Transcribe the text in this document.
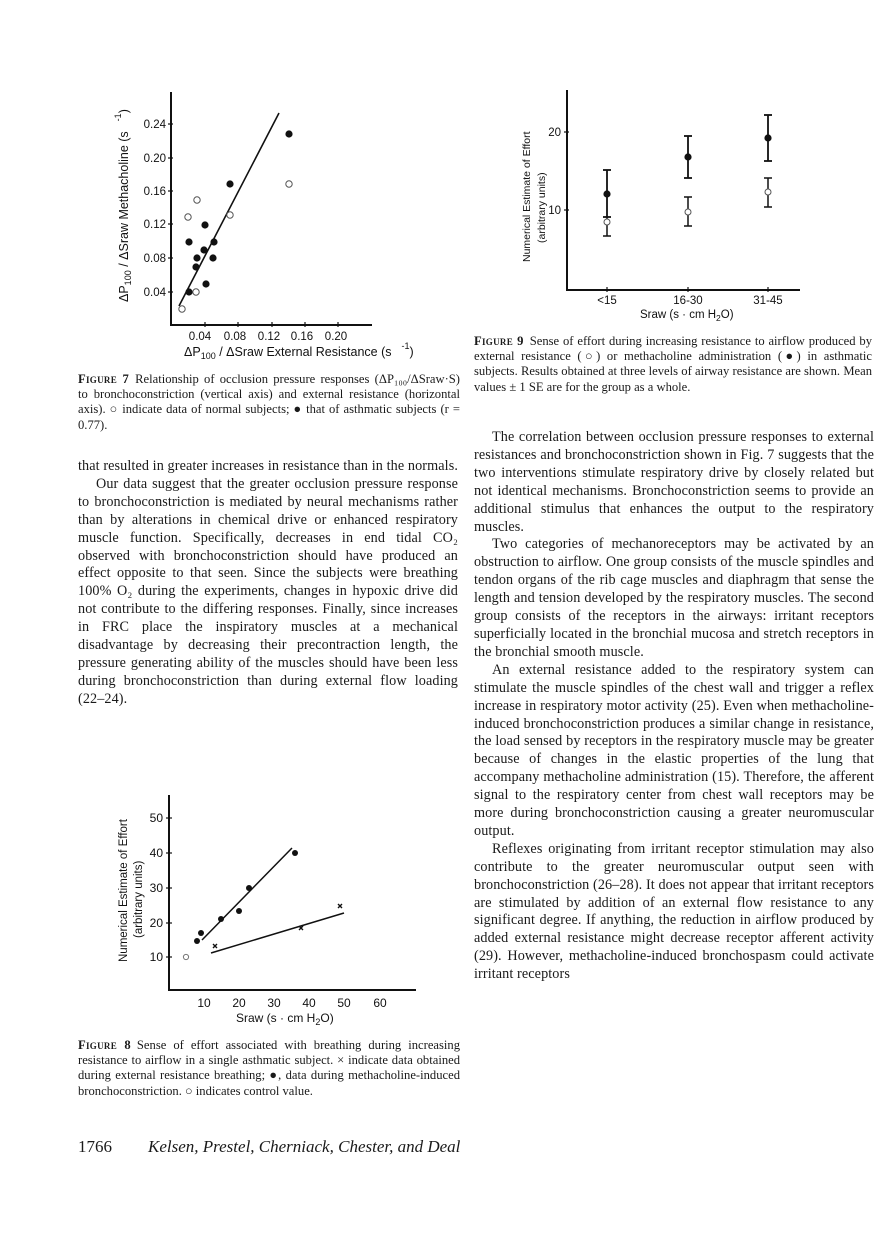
0.24
0.20
0.16
0.12
0.08
0.04
0.04 0.08 0.12 0.16 0.20
$\Delta P_{100}$ / ΔSraw External Resistance (s $^{-1}$)
$\Delta P_{100}$ / ΔSraw Methacholine $(s^{-1})$
Figure 7 Relationship of occlusion pressure responses (ΔP₁₀₀/ΔSraw·S) to bronchoconstriction (vertical axis) and external resistance (horizontal axis). ○ indicate data of normal subjects; ● that of asthmatic subjects (r = 0.77).
20
10
<15	16-30	31-45
Sraw (s · cm $H_2O$)
Numerical Estimate of Effort (arbitrary units)
Figure 9 Sense of effort during increasing resistance to airflow produced by external resistance (○) or methacholine administration (●) in asthmatic subjects. Results obtained at three levels of airway resistance are shown. Mean values ± 1 SE are for the group as a whole.

that resulted in greater increases in resistance than in the normals.

Our data suggest that the greater occlusion pressure response to bronchoconstriction is mediated by neural mechanisms rather than by alterations in chemical drive or enhanced respiratory muscle function. Specifically, decreases in end tidal CO₂ observed with bronchoconstriction should have produced an effect opposite to that seen. Since the subjects were breathing 100% O₂ during the experiments, changes in hypoxic drive did not contribute to the differing responses. Finally, since increases in FRC place the inspiratory muscles at a mechanical disadvantage by decreasing their precontraction length, the pressure generating ability of the muscles should have been less during bronchoconstriction than during external flow loading (22–24).

50
40
30
20
10
10 20 30 40 50 60
Sraw (s · cm $H_2O$)
Numerical Estimate of Effort (arbitrary units)
Figure 8 Sense of effort associated with breathing during increasing resistance to airflow in a single asthmatic subject. × indicate data obtained during external resistance breathing; ●, data during methacholine-induced bronchoconstriction. ○ indicates control value.

The correlation between occlusion pressure responses to external resistances and bronchoconstriction shown in Fig. 7 suggests that the two interventions stimulate respiratory drive by closely related but not identical mechanisms. Bronchoconstriction seems to provide an additional stimulus that enhances the output to the respiratory muscles.

Two categories of mechanoreceptors may be activated by an obstruction to airflow. One group consists of the muscle spindles and tendon organs of the rib cage muscles and diaphragm that sense the length and tension developed by the respiratory muscles. The second group consists of the receptors in the airways: irritant receptors superficially located in the bronchial mucosa and stretch receptors in the bronchial smooth muscle.

An external resistance added to the respiratory system can stimulate the muscle spindles of the chest wall and trigger a reflex increase in respiratory motor activity (25). Even when methacholine-induced bronchoconstriction produces a similar change in resistance, the load sensed by receptors in the respiratory muscle may be greater because of changes in the elastic properties of the lung that accompany methacholine administration (15). Therefore, the afferent signal to the respiratory center from chest wall receptors may be more during bronchoconstriction causing a greater neuromuscular output.

Reflexes originating from irritant receptor stimulation may also contribute to the greater neuromuscular output seen with bronchoconstriction (26–28). It does not appear that irritant receptors are stimulated by addition of an external flow resistance to any significant degree. If anything, the reduction in airflow produced by added external resistance might decrease receptor afferent activity (29). However, methacholine-induced bronchospasm could activate irritant receptors

1766 Kelsen, Prestel, Cherniack, Chester, and Deal
